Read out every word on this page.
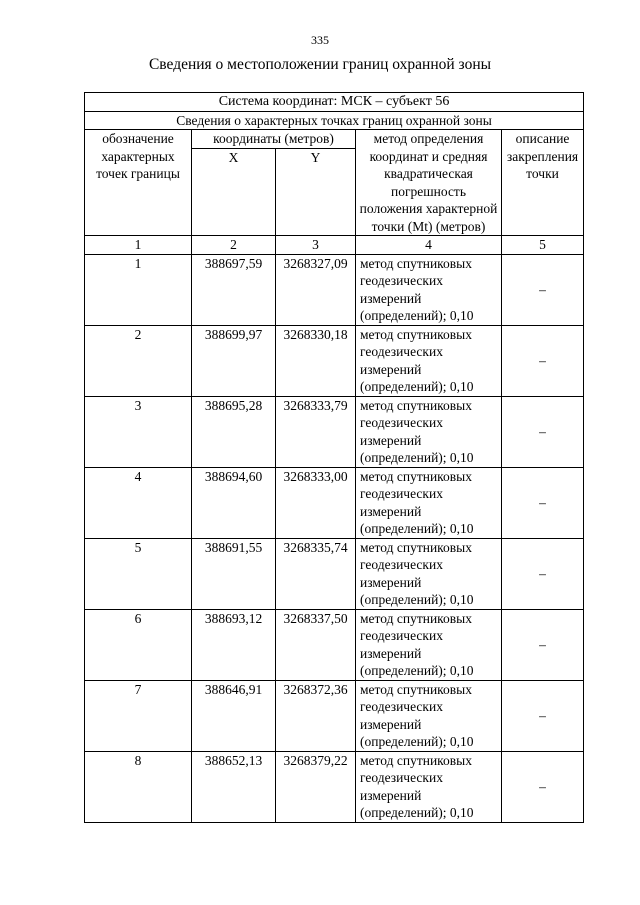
335
Сведения о местоположении границ охранной зоны
Система координат: МСК – субъект 56				
Сведения о характерных точках границ охранной зоны				
обозначение характерных точек границы	координаты (метров)		метод определения координат и средняя квадратическая погрешность положения характерной точки (Mt) (метров)	описание закрепления точки
	X	Y		
1	2	3	4	5
1	388697,59	3268327,09	метод спутниковых геодезических измерений (определений); 0,10	–
2	388699,97	3268330,18	метод спутниковых геодезических измерений (определений); 0,10	–
3	388695,28	3268333,79	метод спутниковых геодезических измерений (определений); 0,10	–
4	388694,60	3268333,00	метод спутниковых геодезических измерений (определений); 0,10	–
5	388691,55	3268335,74	метод спутниковых геодезических измерений (определений); 0,10	–
6	388693,12	3268337,50	метод спутниковых геодезических измерений (определений); 0,10	–
7	388646,91	3268372,36	метод спутниковых геодезических измерений (определений); 0,10	–
8	388652,13	3268379,22	метод спутниковых геодезических измерений (определений); 0,10	–
